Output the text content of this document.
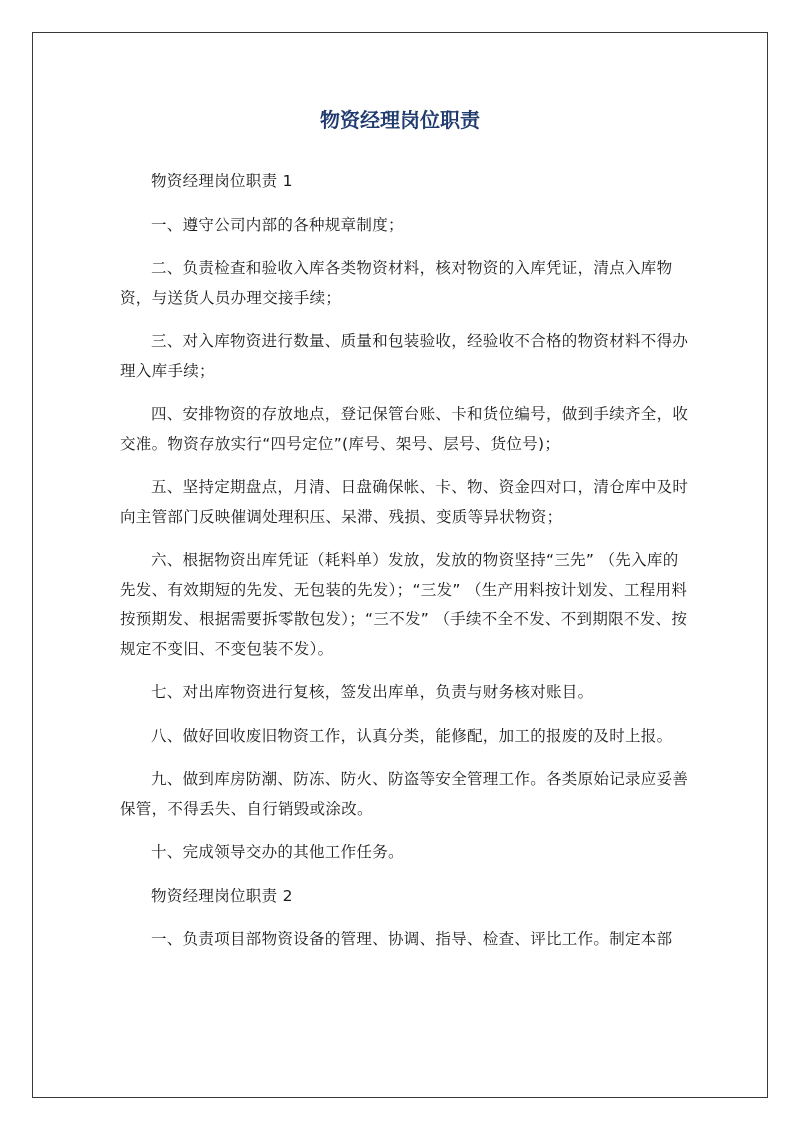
物资经理岗位职责

物资经理岗位职责 1

一、遵守公司内部的各种规章制度；

二、负责检查和验收入库各类物资材料，核对物资的入库凭证，清点入库物资，与送货人员办理交接手续；

三、对入库物资进行数量、质量和包装验收，经验收不合格的物资材料不得办理入库手续；

四、安排物资的存放地点，登记保管台账、卡和货位编号，做到手续齐全，收交准。物资存放实行“四号定位”(库号、架号、层号、货位号)；

五、坚持定期盘点，月清、日盘确保帐、卡、物、资金四对口，清仓库中及时向主管部门反映催调处理积压、呆滞、残损、变质等异状物资；

六、根据物资出库凭证（耗料单）发放，发放的物资坚持“三先” （先入库的先发、有效期短的先发、无包装的先发）；“三发” （生产用料按计划发、工程用料按预期发、根据需要拆零散包发）；“三不发” （手续不全不发、不到期限不发、按规定不变旧、不变包装不发）。

七、对出库物资进行复核，签发出库单，负责与财务核对账目。

八、做好回收废旧物资工作，认真分类，能修配，加工的报废的及时上报。

九、做到库房防潮、防冻、防火、防盗等安全管理工作。各类原始记录应妥善保管，不得丢失、自行销毁或涂改。

十、完成领导交办的其他工作任务。

物资经理岗位职责 2

一、负责项目部物资设备的管理、协调、指导、检查、评比工作。制定本部
